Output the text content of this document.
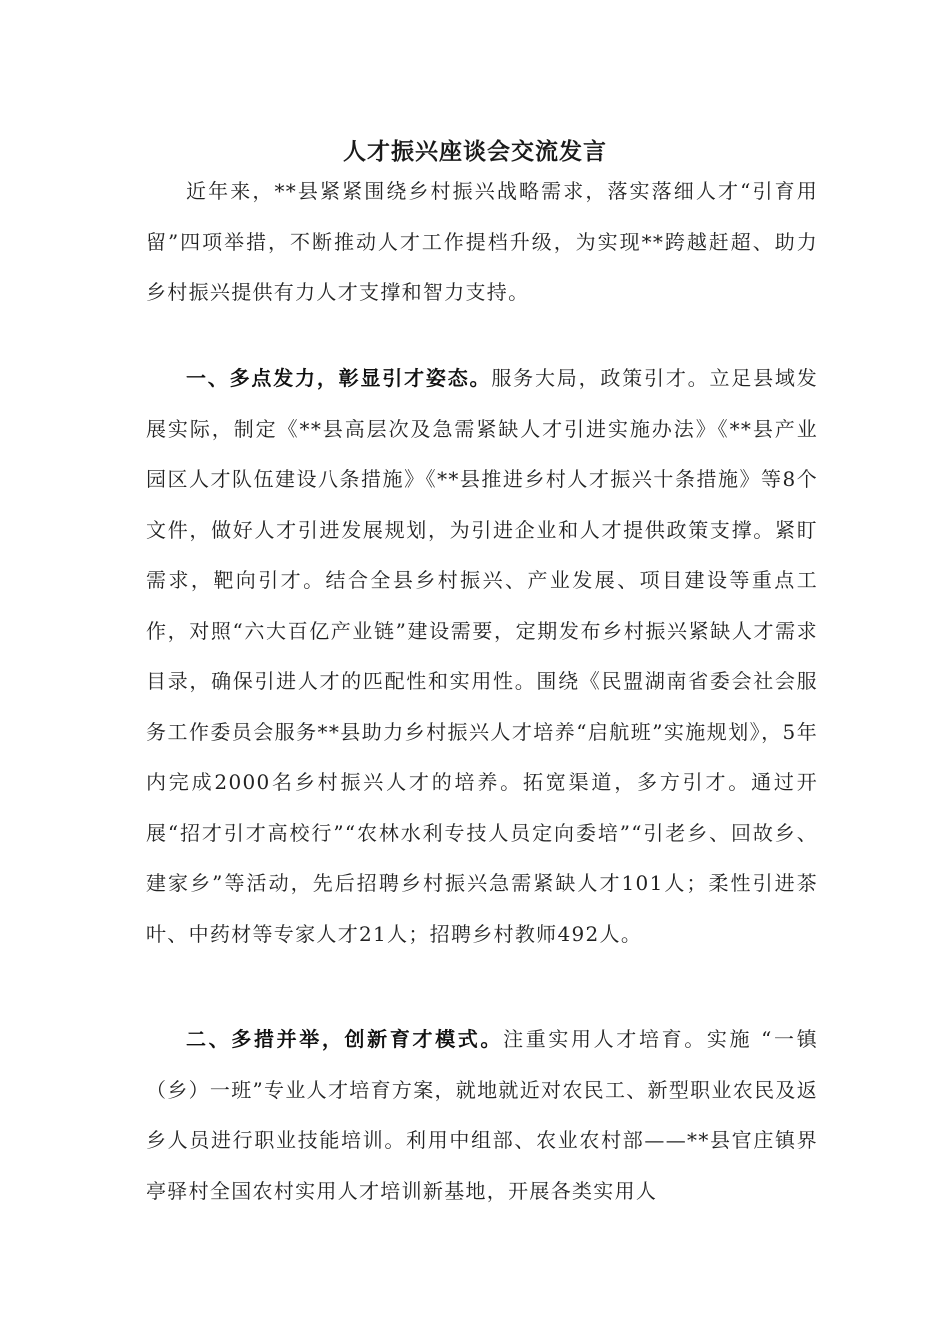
人才振兴座谈会交流发言

近年来，**县紧紧围绕乡村振兴战略需求，落实落细人才“引育用留”四项举措，不断推动人才工作提档升级，为实现**跨越赶超、助力乡村振兴提供有力人才支撑和智力支持。

一、多点发力，彰显引才姿态。服务大局，政策引才。立足县域发展实际，制定《**县高层次及急需紧缺人才引进实施办法》《**县产业园区人才队伍建设八条措施》《**县推进乡村人才振兴十条措施》等8个文件，做好人才引进发展规划，为引进企业和人才提供政策支撑。紧盯需求，靶向引才。结合全县乡村振兴、产业发展、项目建设等重点工作，对照“六大百亿产业链”建设需要，定期发布乡村振兴紧缺人才需求目录，确保引进人才的匹配性和实用性。围绕《民盟湖南省委会社会服务工作委员会服务**县助力乡村振兴人才培养“启航班”实施规划》，5年内完成2000名乡村振兴人才的培养。拓宽渠道，多方引才。通过开展“招才引才高校行”“农林水利专技人员定向委培”“引老乡、回故乡、建家乡”等活动，先后招聘乡村振兴急需紧缺人才101人；柔性引进茶叶、中药材等专家人才21人；招聘乡村教师492人。

二、多措并举，创新育才模式。注重实用人才培育。实施 “一镇（乡）一班”专业人才培育方案，就地就近对农民工、新型职业农民及返乡人员进行职业技能培训。利用中组部、农业农村部——**县官庄镇界亭驿村全国农村实用人才培训新基地，开展各类实用人
